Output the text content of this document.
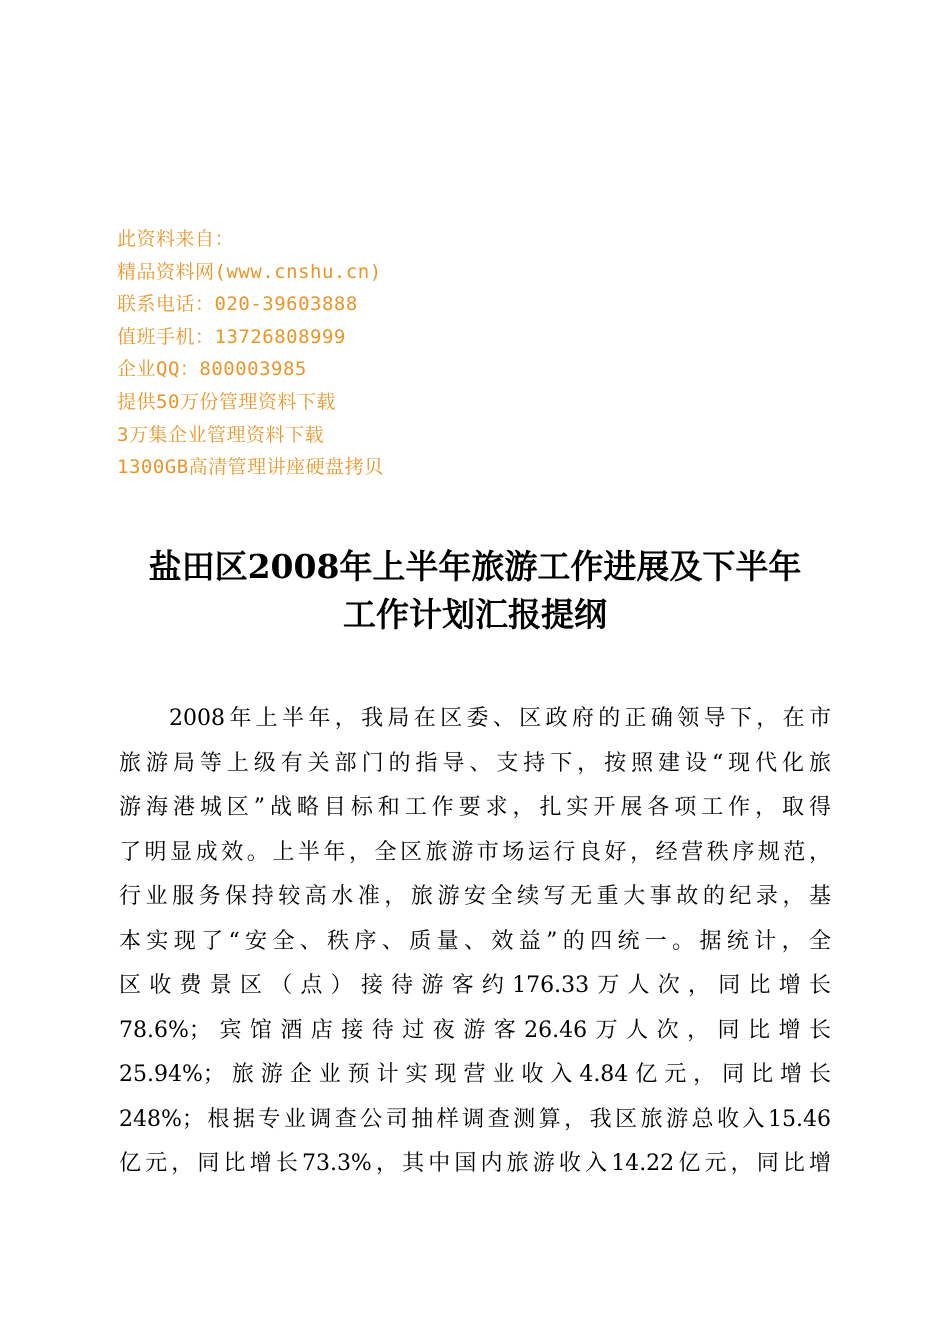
此资料来自：
精品资料网(www.cnshu.cn)
联系电话：020-39603888
值班手机：13726808999
企业QQ：800003985
提供50万份管理资料下载
3万集企业管理资料下载
1300GB高清管理讲座硬盘拷贝
盐田区2008年上半年旅游工作进展及下半年
工作计划汇报提纲
2008年上半年，我局在区委、区政府的正确领导下，在市
旅游局等上级有关部门的指导、支持下，按照建设“现代化旅
游海港城区”战略目标和工作要求，扎实开展各项工作，取得
了明显成效。上半年，全区旅游市场运行良好，经营秩序规范，
行业服务保持较高水准，旅游安全续写无重大事故的纪录，基
本实现了“安全、秩序、质量、效益”的四统一。据统计，全
区收费景区（点）接待游客约176.33万人次，同比增长
78.6%；宾馆酒店接待过夜游客26.46万人次，同比增长
25.94%；旅游企业预计实现营业收入4.84亿元，同比增长
248%；根据专业调查公司抽样调查测算，我区旅游总收入15.46
亿元，同比增长73.3%，其中国内旅游收入14.22亿元，同比增
